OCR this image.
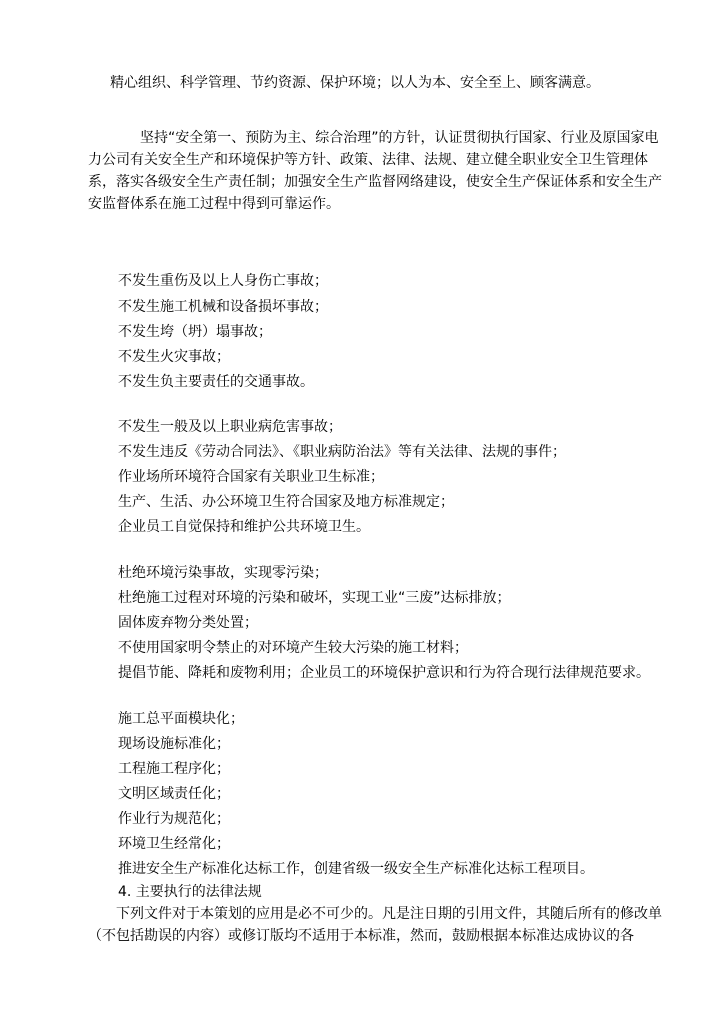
精心组织、科学管理、节约资源、保护环境；以人为本、安全至上、顾客满意。
坚持“安全第一、预防为主、综合治理”的方针，认证贯彻执行国家、行业及原国家电力公司有关安全生产和环境保护等方针、政策、法律、法规、建立健全职业安全卫生管理体系，落实各级安全生产责任制；加强安全生产监督网络建设，使安全生产保证体系和安全生产安监督体系在施工过程中得到可靠运作。
不发生重伤及以上人身伤亡事故；
不发生施工机械和设备损坏事故；
不发生垮（坍）塌事故；
不发生火灾事故；
不发生负主要责任的交通事故。
不发生一般及以上职业病危害事故；
不发生违反《劳动合同法》、《职业病防治法》等有关法律、法规的事件；
作业场所环境符合国家有关职业卫生标准；
生产、生活、办公环境卫生符合国家及地方标准规定；
企业员工自觉保持和维护公共环境卫生。
杜绝环境污染事故，实现零污染；
杜绝施工过程对环境的污染和破坏，实现工业“三废”达标排放；
固体废弃物分类处置；
不使用国家明令禁止的对环境产生较大污染的施工材料；
提倡节能、降耗和废物利用；企业员工的环境保护意识和行为符合现行法律规范要求。
施工总平面模块化；
现场设施标准化；
工程施工程序化；
文明区域责任化；
作业行为规范化；
环境卫生经常化；
推进安全生产标准化达标工作，创建省级一级安全生产标准化达标工程项目。
4. 主要执行的法律法规
下列文件对于本策划的应用是必不可少的。凡是注日期的引用文件，其随后所有的修改单（不包括勘误的内容）或修订版均不适用于本标准，然而，鼓励根据本标准达成协议的各
